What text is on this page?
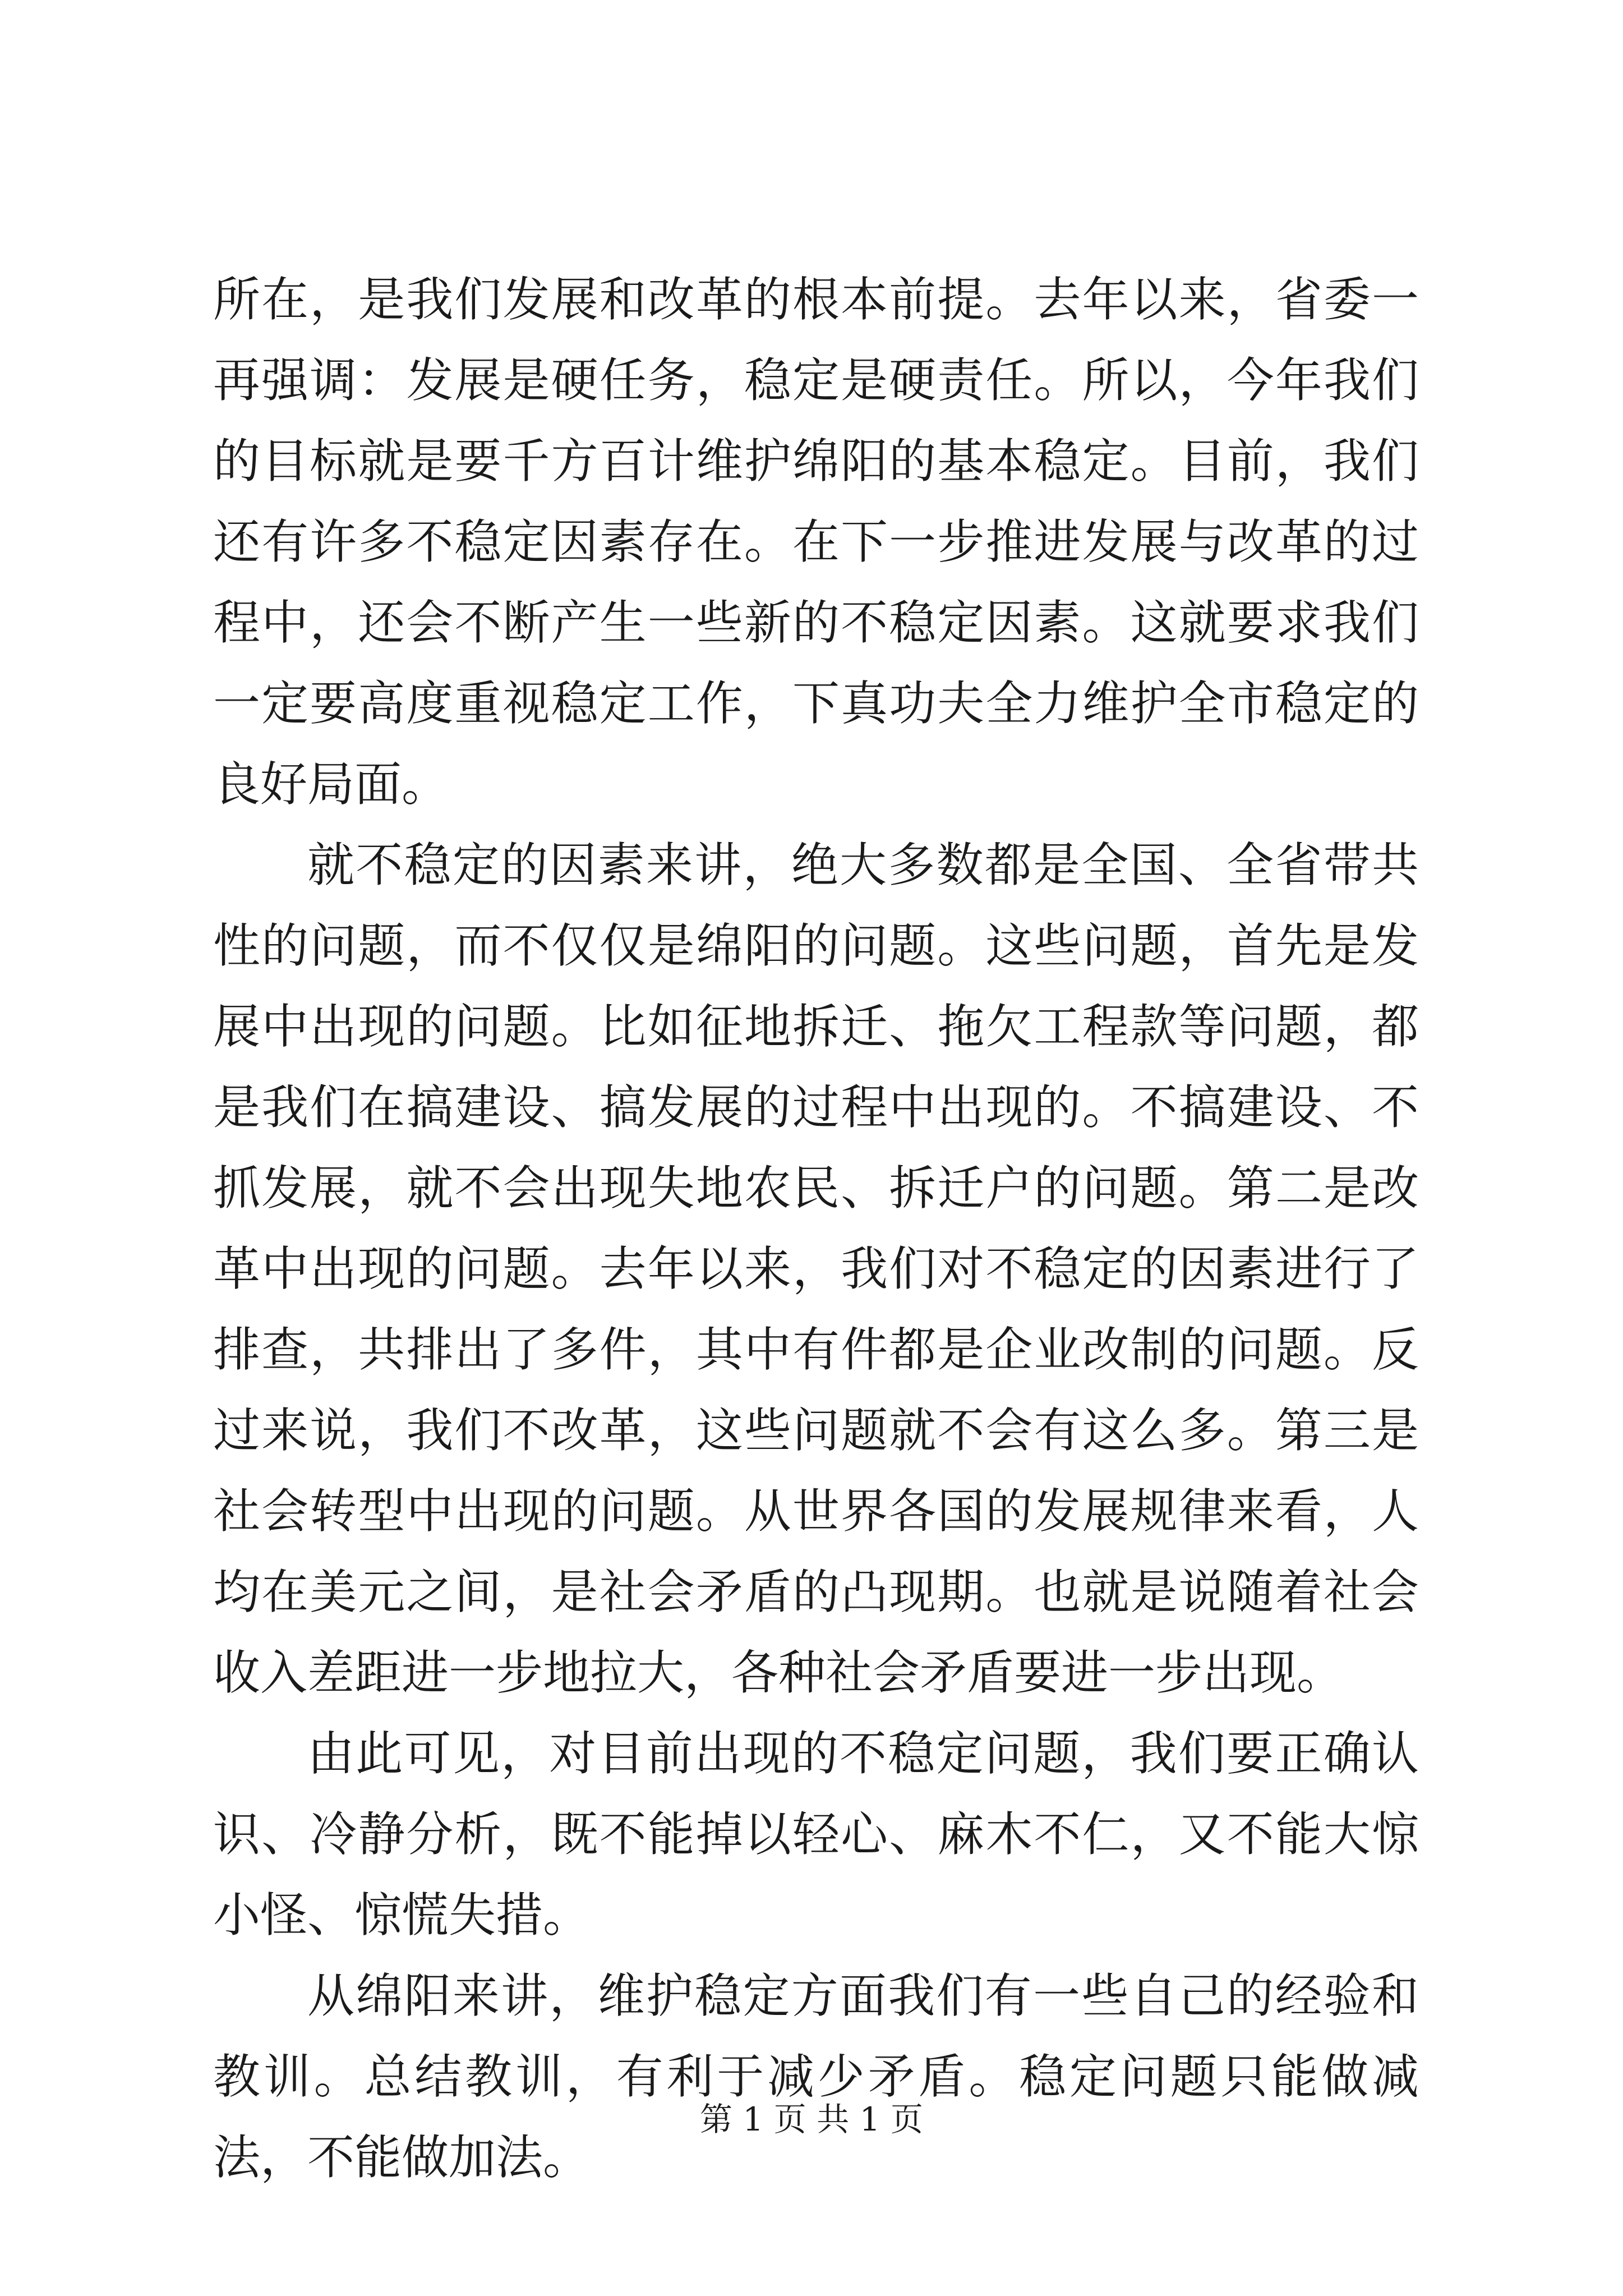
所在，是我们发展和改革的根本前提。去年以来，省委一再强调：发展是硬任务，稳定是硬责任。所以，今年我们的目标就是要千方百计维护绵阳的基本稳定。目前，我们还有许多不稳定因素存在。在下一步推进发展与改革的过程中，还会不断产生一些新的不稳定因素。这就要求我们一定要高度重视稳定工作，下真功夫全力维护全市稳定的良好局面。

就不稳定的因素来讲，绝大多数都是全国、全省带共性的问题，而不仅仅是绵阳的问题。这些问题，首先是发展中出现的问题。比如征地拆迁、拖欠工程款等问题，都是我们在搞建设、搞发展的过程中出现的。不搞建设、不抓发展，就不会出现失地农民、拆迁户的问题。第二是改革中出现的问题。去年以来，我们对不稳定的因素进行了排查，共排出了多件，其中有件都是企业改制的问题。反过来说，我们不改革，这些问题就不会有这么多。第三是社会转型中出现的问题。从世界各国的发展规律来看，人均在美元之间，是社会矛盾的凸现期。也就是说随着社会收入差距进一步地拉大，各种社会矛盾要进一步出现。

由此可见，对目前出现的不稳定问题，我们要正确认识、冷静分析，既不能掉以轻心、麻木不仁，又不能大惊小怪、惊慌失措。

从绵阳来讲，维护稳定方面我们有一些自己的经验和教训。总结教训，有利于减少矛盾。稳定问题只能做减法，不能做加法。

第 1 页 共 1 页
